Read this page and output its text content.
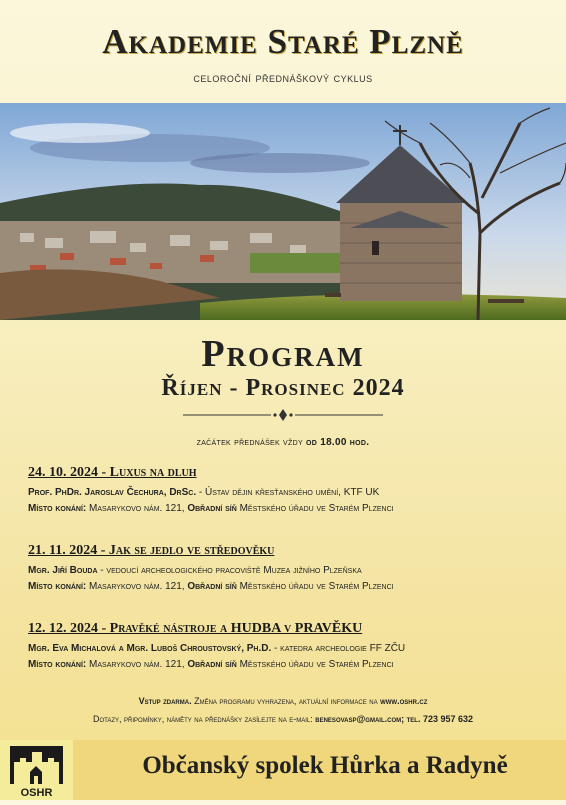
Akademie Staré Plzně
celoroční přednáškový cyklus
Program
Říjen - Prosinec 2024
začátek přednášek vždy od 18.00 hod.
24. 10. 2024 - Luxus na dluh
Prof. PhDr. Jaroslav Čechura, DrSc. - Ústav dějin křesťanského umění, KTF UK
Místo konání: Masarykovo nám. 121, Obřadní síň Městského úřadu ve Starém Plzenci
21. 11. 2024 - Jak se jedlo ve středověku
Mgr. Jiří Bouda - vedoucí archeologického pracoviště Muzea jižního Plzeňska
Místo konání: Masarykovo nám. 121, Obřadní síň Městského úřadu ve Starém Plzenci
12. 12. 2024 - Pravěké nástroje a HUDBA v PRAVĚKU
Mgr. Eva Michalová a Mgr. Luboš Chroustovský, Ph.D. - katedra archeologie FF ZČU
Místo konání: Masarykovo nám. 121, Obřadní síň Městského úřadu ve Starém Plzenci
Vstup zdarma. Změna programu vyhrazena, aktuální informace na www.oshr.cz
Dotazy, připomínky, náměty na přednášky zasílejte na e-mail: benesovasp@gmail.com; tel. 723 957 632
OSHR
Občanský spolek Hůrka a Radyně
